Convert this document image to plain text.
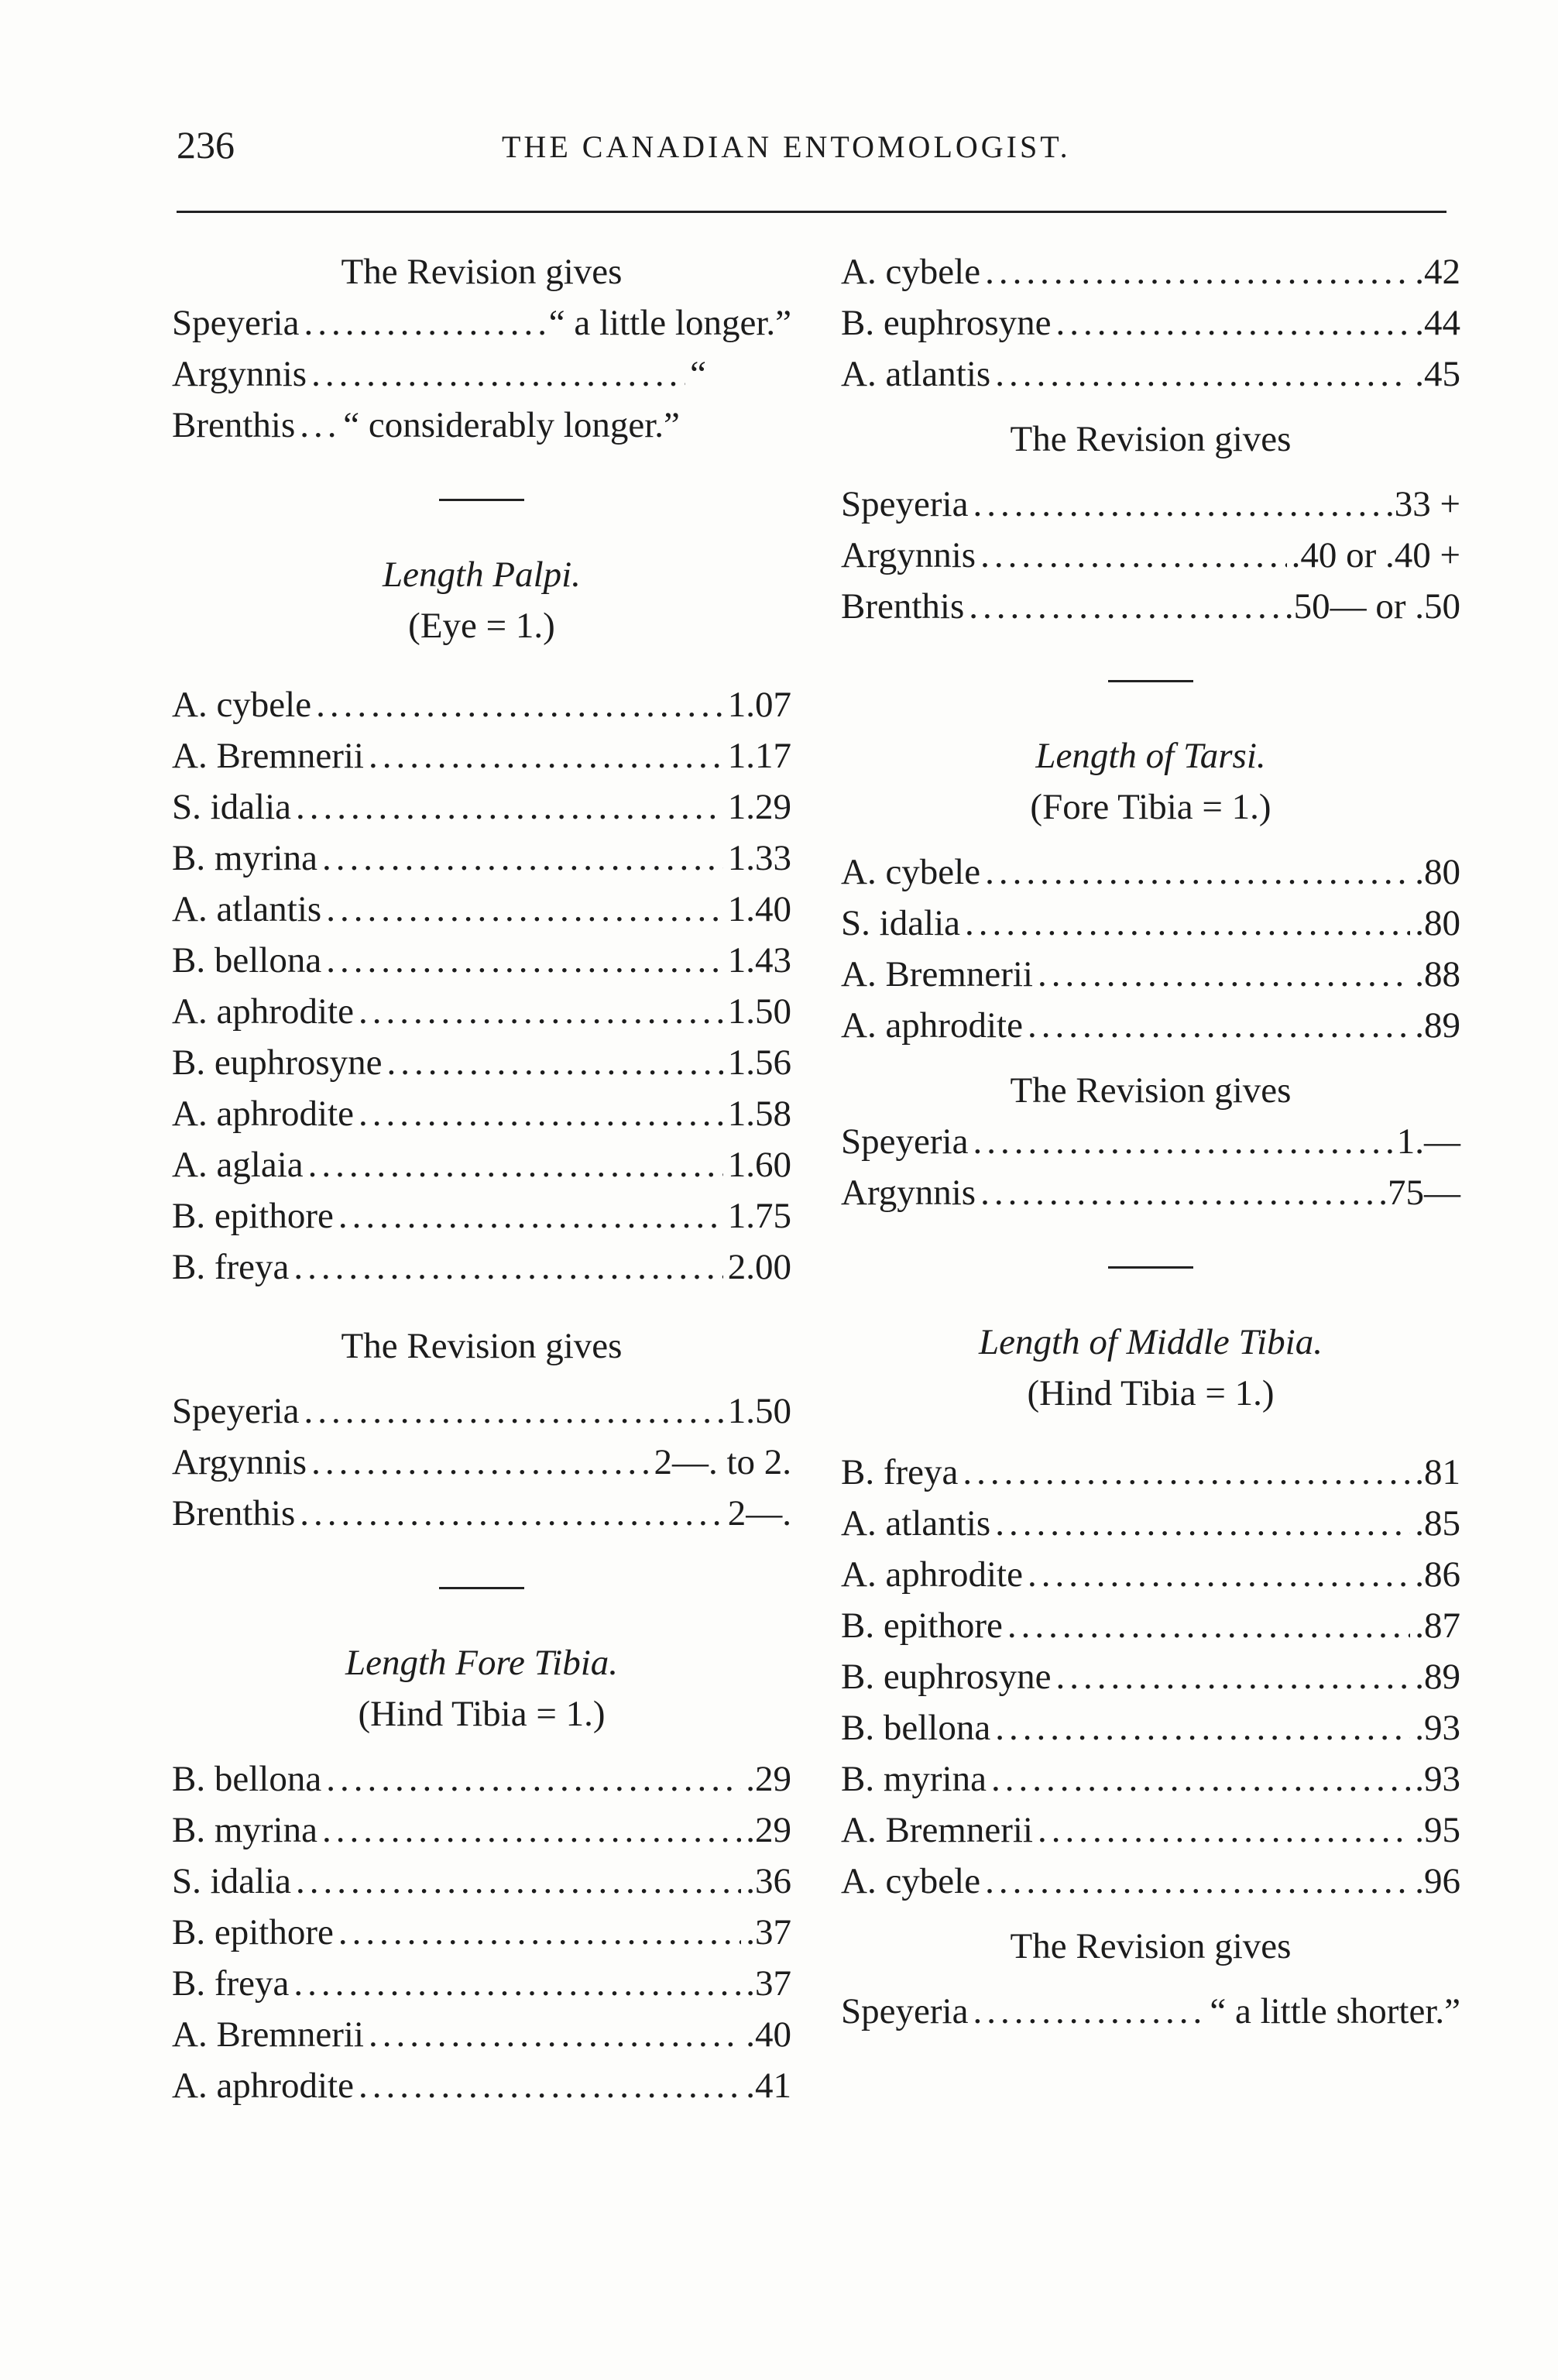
236	THE CANADIAN ENTOMOLOGIST.
The Revision gives
Speyeria .....	“ a little longer.”
Argynnis .....	“
Brenthis ..... “ considerably longer.”
Length Palpi.
(Eye = 1.)
A. cybele .....	1.07
A. Bremnerii .....	1.17
S. idalia .....	1.29
B. myrina .....	1.33
A. atlantis .....	1.40
B. bellona .....	1.43
A. aphrodite .....	1.50
B. euphrosyne .....	1.56
A. aphrodite .....	1.58
A. aglaia .....	1.60
B. epithore .....	1.75
B. freya .....	2.00
The Revision gives
Speyeria .....	1.50
Argynnis .....	2—. to 2.
Brenthis .....	2—.
Length Fore Tibia.
(Hind Tibia = 1.)
B. bellona .....	.29
B. myrina .....	.29
S. idalia .....	.36
B. epithore .....	.37
B. freya .....	.37
A. Bremnerii .....	.40
A. aphrodite .....	.41
A. cybele .....	.42
B. euphrosyne .....	.44
A. atlantis .....	.45
The Revision gives
Speyeria .....	.33 +
Argynnis .....	.40 or .40 +
Brenthis .....	.50— or .50
Length of Tarsi.
(Fore Tibia = 1.)
A. cybele .....	.80
S. idalia .....	.80
A. Bremnerii .....	.88
A. aphrodite .....	.89
The Revision gives
Speyeria .....	1.—
Argynnis .....	.75—
Length of Middle Tibia.
(Hind Tibia = 1.)
B. freya .....	.81
A. atlantis .....	.85
A. aphrodite .....	.86
B. epithore .....	.87
B. euphrosyne .....	.89
B. bellona .....	.93
B. myrina .....	.93
A. Bremnerii .....	.95
A. cybele .....	.96
The Revision gives
Speyeria .....	“ a little shorter.”
